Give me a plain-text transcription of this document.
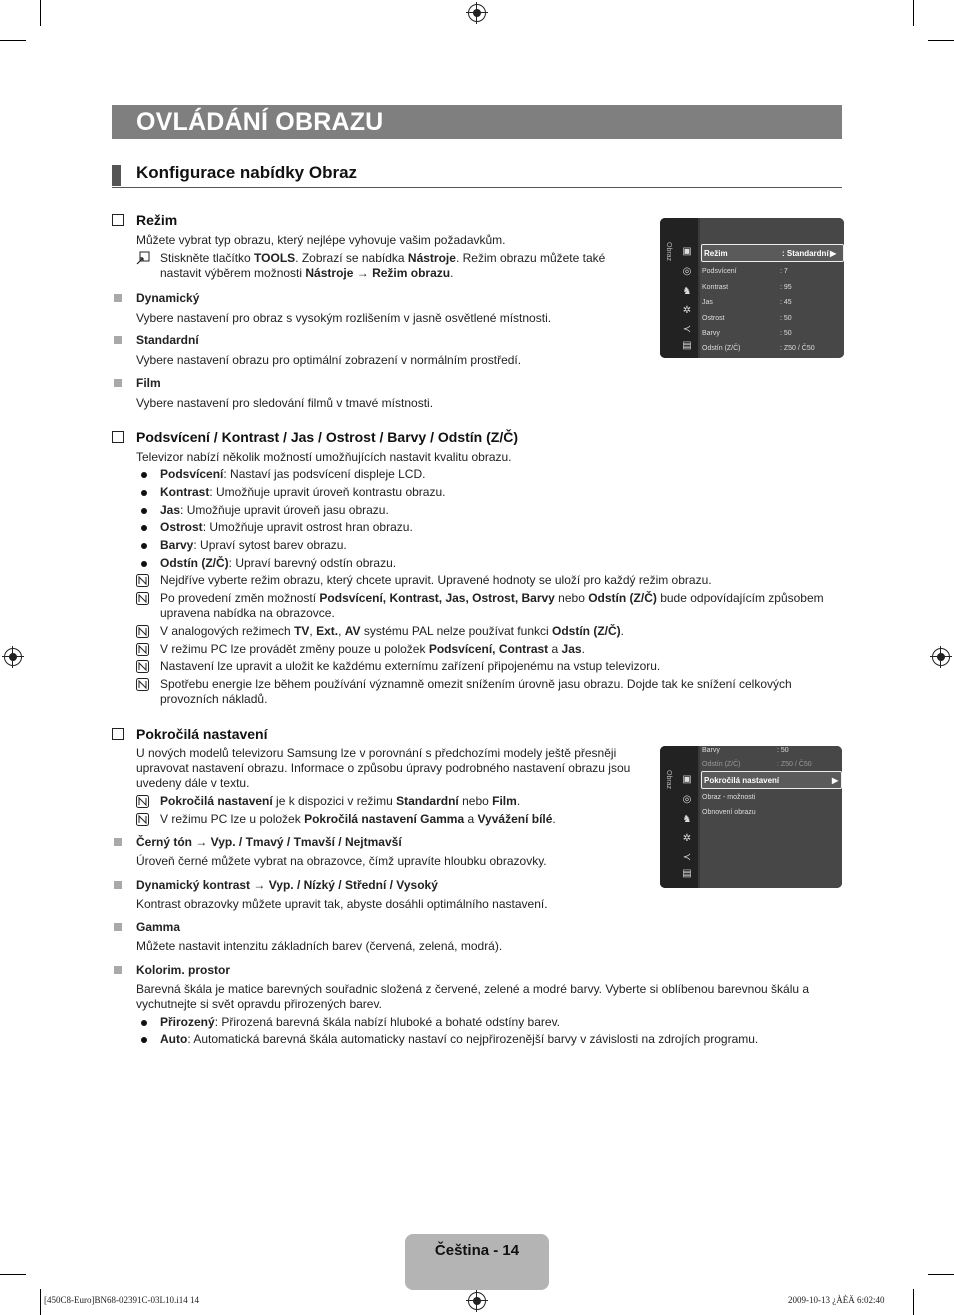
OVLÁDÁNÍ OBRAZU
Konfigurace nabídky Obraz
Režim
Můžete vybrat typ obrazu, který nejlépe vyhovuje vašim požadavkům.
Stiskněte tlačítko TOOLS. Zobrazí se nabídka Nástroje. Režim obrazu můžete také
nastavit výběrem možnosti Nástroje → Režim obrazu.
Dynamický
Vybere nastavení pro obraz s vysokým rozlišením v jasně osvětlené místnosti.
Standardní
Vybere nastavení obrazu pro optimální zobrazení v normálním prostředí.
Film
Vybere nastavení pro sledování filmů v tmavé místnosti.
Obraz ▣
◎
♞
✲
≺
▤
Režim	: Standardní ▶
Podsvícení	: 7
Kontrast	: 95
Jas	: 45
Ostrost	: 50
Barvy	: 50
Odstín (Z/Č)	: Z50 / Č50
Podsvícení / Kontrast / Jas / Ostrost / Barvy / Odstín (Z/Č)
Televizor nabízí několik možností umožňujících nastavit kvalitu obrazu.
Podsvícení: Nastaví jas podsvícení displeje LCD.
Kontrast: Umožňuje upravit úroveň kontrastu obrazu.
Jas: Umožňuje upravit úroveň jasu obrazu.
Ostrost: Umožňuje upravit ostrost hran obrazu.
Barvy: Upraví sytost barev obrazu.
Odstín (Z/Č): Upraví barevný odstín obrazu.
Nejdříve vyberte režim obrazu, který chcete upravit. Upravené hodnoty se uloží pro každý režim obrazu.
Po provedení změn možností Podsvícení, Kontrast, Jas, Ostrost, Barvy nebo Odstín (Z/Č) bude odpovídajícím způsobem
upravena nabídka na obrazovce.
V analogových režimech TV, Ext., AV systému PAL nelze používat funkci Odstín (Z/Č).
V režimu PC lze provádět změny pouze u položek Podsvícení, Contrast a Jas.
Nastavení lze upravit a uložit ke každému externímu zařízení připojenému na vstup televizoru.
Spotřebu energie lze během používání významně omezit snížením úrovně jasu obrazu. Dojde tak ke snížení celkových
provozních nákladů.
Pokročilá nastavení
U nových modelů televizoru Samsung lze v porovnání s předchozími modely ještě přesněji
upravovat nastavení obrazu. Informace o způsobu úpravy podrobného nastavení obrazu jsou
uvedeny dále v textu.
Pokročilá nastavení je k dispozici v režimu Standardní nebo Film.
V režimu PC lze u položek Pokročilá nastavení Gamma a Vyvážení bílé.
Černý tón → Vyp. / Tmavý / Tmavší / Nejtmavší
Úroveň černé můžete vybrat na obrazovce, čímž upravíte hloubku obrazovky.
Dynamický kontrast → Vyp. / Nízký / Střední / Vysoký
Kontrast obrazovky můžete upravit tak, abyste dosáhli optimálního nastavení.
Gamma
Můžete nastavit intenzitu základních barev (červená, zelená, modrá).
Kolorim. prostor
Barevná škála je matice barevných souřadnic složená z červené, zelené a modré barvy. Vyberte si oblíbenou barevnou škálu a
vychutnejte si svět opravdu přirozených barev.
Přirozený: Přirozená barevná škála nabízí hluboké a bohaté odstíny barev.
Auto: Automatická barevná škála automaticky nastaví co nejpřirozenější barvy v závislosti na zdrojích programu.
Obraz ▣
◎
♞
✲
≺
▤
Barvy	: 50
Odstín (Z/Č)	: Z50 / Č50
Pokročilá nastavení	▶
Obraz - možnosti
Obnovení obrazu
Čeština - 14
[450C8-Euro]BN68-02391C-03L10.i14 14	2009-10-13 ¿ÀÈÄ 6:02:40
